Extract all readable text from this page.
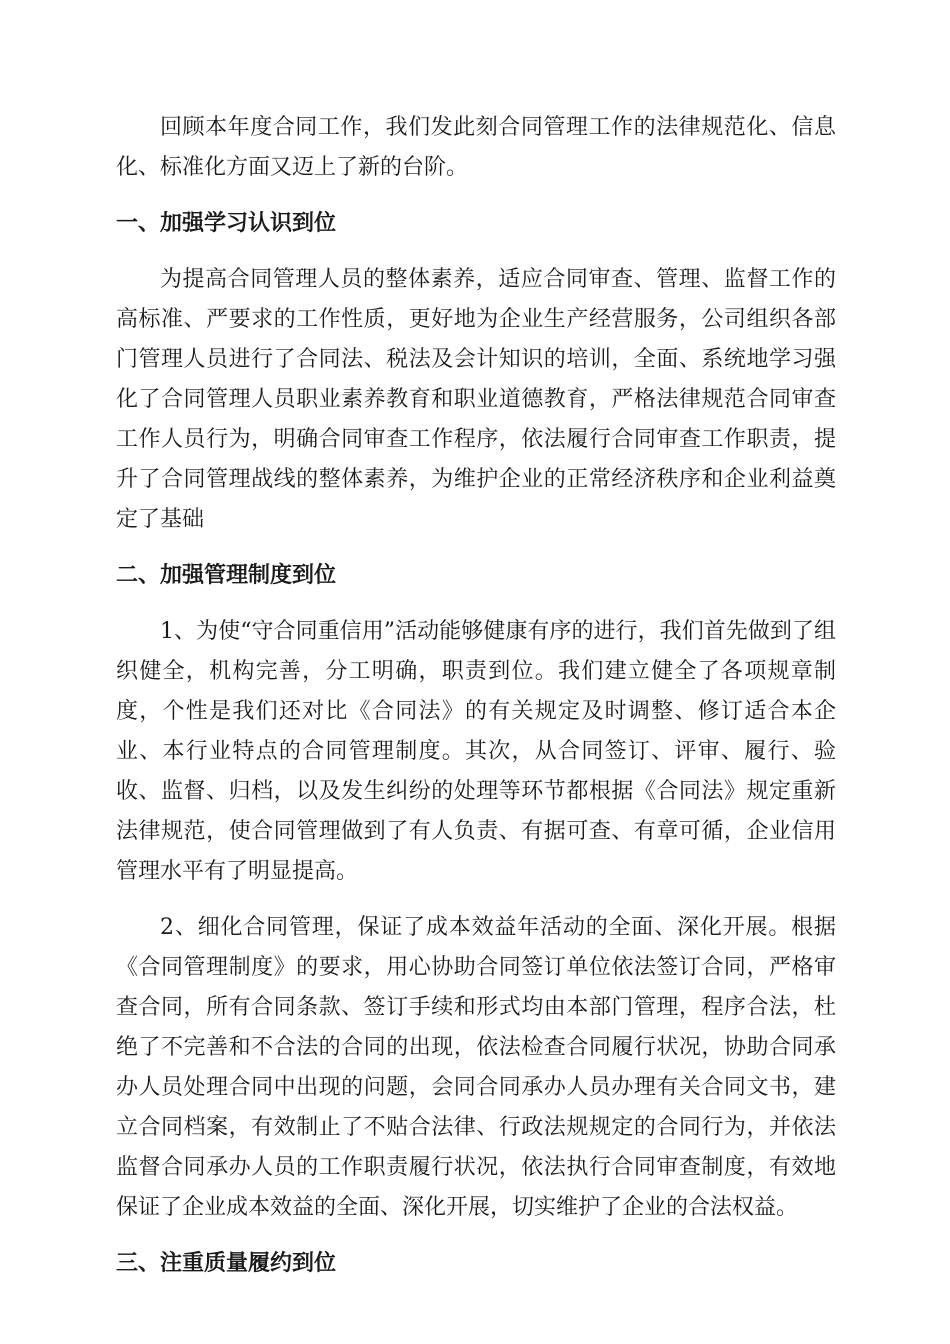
回顾本年度合同工作，我们发此刻合同管理工作的法律规范化、信息化、标准化方面又迈上了新的台阶。

一、加强学习认识到位

为提高合同管理人员的整体素养，适应合同审查、管理、监督工作的高标准、严要求的工作性质，更好地为企业生产经营服务，公司组织各部门管理人员进行了合同法、税法及会计知识的培训，全面、系统地学习强化了合同管理人员职业素养教育和职业道德教育，严格法律规范合同审查工作人员行为，明确合同审查工作程序，依法履行合同审查工作职责，提升了合同管理战线的整体素养，为维护企业的正常经济秩序和企业利益奠定了基础

二、加强管理制度到位

1、为使“守合同重信用”活动能够健康有序的进行，我们首先做到了组织健全，机构完善，分工明确，职责到位。我们建立健全了各项规章制度，个性是我们还对比《合同法》的有关规定及时调整、修订适合本企业、本行业特点的合同管理制度。其次，从合同签订、评审、履行、验收、监督、归档，以及发生纠纷的处理等环节都根据《合同法》规定重新法律规范，使合同管理做到了有人负责、有据可查、有章可循，企业信用管理水平有了明显提高。

2、细化合同管理，保证了成本效益年活动的全面、深化开展。根据《合同管理制度》的要求，用心协助合同签订单位依法签订合同，严格审查合同，所有合同条款、签订手续和形式均由本部门管理，程序合法，杜绝了不完善和不合法的合同的出现，依法检查合同履行状况，协助合同承办人员处理合同中出现的问题，会同合同承办人员办理有关合同文书，建立合同档案，有效制止了不贴合法律、行政法规规定的合同行为，并依法监督合同承办人员的工作职责履行状况，依法执行合同审查制度，有效地保证了企业成本效益的全面、深化开展，切实维护了企业的合法权益。

三、注重质量履约到位
